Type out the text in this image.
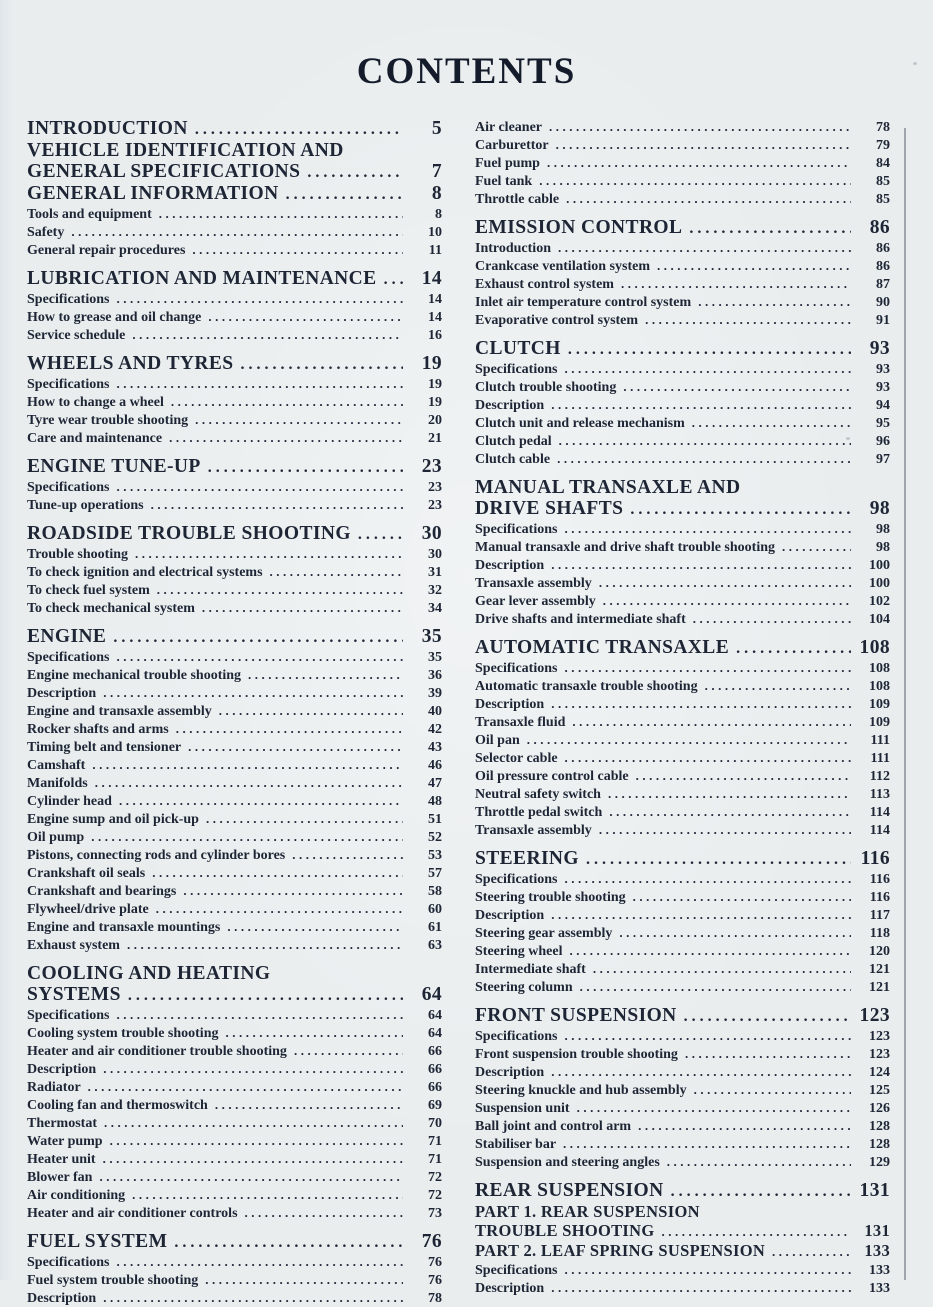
CONTENTS
INTRODUCTION .....	5
VEHICLE IDENTIFICATION AND
GENERAL SPECIFICATIONS .....	7
GENERAL INFORMATION .....	8
Tools and equipment .....	8
Safety .....	10
General repair procedures .....	11
LUBRICATION AND MAINTENANCE .....	14
Specifications .....	14
How to grease and oil change .....	14
Service schedule .....	16
WHEELS AND TYRES .....	19
Specifications .....	19
How to change a wheel .....	19
Tyre wear trouble shooting .....	20
Care and maintenance .....	21
ENGINE TUNE-UP .....	23
Specifications .....	23
Tune-up operations .....	23
ROADSIDE TROUBLE SHOOTING .....	30
Trouble shooting .....	30
To check ignition and electrical systems .....	31
To check fuel system .....	32
To check mechanical system .....	34
ENGINE .....	35
Specifications .....	35
Engine mechanical trouble shooting .....	36
Description .....	39
Engine and transaxle assembly .....	40
Rocker shafts and arms .....	42
Timing belt and tensioner .....	43
Camshaft .....	46
Manifolds .....	47
Cylinder head .....	48
Engine sump and oil pick-up .....	51
Oil pump .....	52
Pistons, connecting rods and cylinder bores .....	53
Crankshaft oil seals .....	57
Crankshaft and bearings .....	58
Flywheel/drive plate .....	60
Engine and transaxle mountings .....	61
Exhaust system .....	63
COOLING AND HEATING
SYSTEMS .....	64
Specifications .....	64
Cooling system trouble shooting .....	64
Heater and air conditioner trouble shooting .....	66
Description .....	66
Radiator .....	66
Cooling fan and thermoswitch .....	69
Thermostat .....	70
Water pump .....	71
Heater unit .....	71
Blower fan .....	72
Air conditioning .....	72
Heater and air conditioner controls .....	73
FUEL SYSTEM .....	76
Specifications .....	76
Fuel system trouble shooting .....	76
Description .....	78
Air cleaner .....	78
Carburettor .....	79
Fuel pump .....	84
Fuel tank .....	85
Throttle cable .....	85
EMISSION CONTROL .....	86
Introduction .....	86
Crankcase ventilation system .....	86
Exhaust control system .....	87
Inlet air temperature control system .....	90
Evaporative control system .....	91
CLUTCH .....	93
Specifications .....	93
Clutch trouble shooting .....	93
Description .....	94
Clutch unit and release mechanism .....	95
Clutch pedal .....	96
Clutch cable .....	97
MANUAL TRANSAXLE AND
DRIVE SHAFTS .....	98
Specifications .....	98
Manual transaxle and drive shaft trouble shooting .....	98
Description .....	100
Transaxle assembly .....	100
Gear lever assembly .....	102
Drive shafts and intermediate shaft .....	104
AUTOMATIC TRANSAXLE .....	108
Specifications .....	108
Automatic transaxle trouble shooting .....	108
Description .....	109
Transaxle fluid .....	109
Oil pan .....	111
Selector cable .....	111
Oil pressure control cable .....	112
Neutral safety switch .....	113
Throttle pedal switch .....	114
Transaxle assembly .....	114
STEERING .....	116
Specifications .....	116
Steering trouble shooting .....	116
Description .....	117
Steering gear assembly .....	118
Steering wheel .....	120
Intermediate shaft .....	121
Steering column .....	121
FRONT SUSPENSION .....	123
Specifications .....	123
Front suspension trouble shooting .....	123
Description .....	124
Steering knuckle and hub assembly .....	125
Suspension unit .....	126
Ball joint and control arm .....	128
Stabiliser bar .....	128
Suspension and steering angles .....	129
REAR SUSPENSION .....	131
PART 1. REAR SUSPENSION
TROUBLE SHOOTING .....	131
PART 2. LEAF SPRING SUSPENSION .....	133
Specifications .....	133
Description .....	133
